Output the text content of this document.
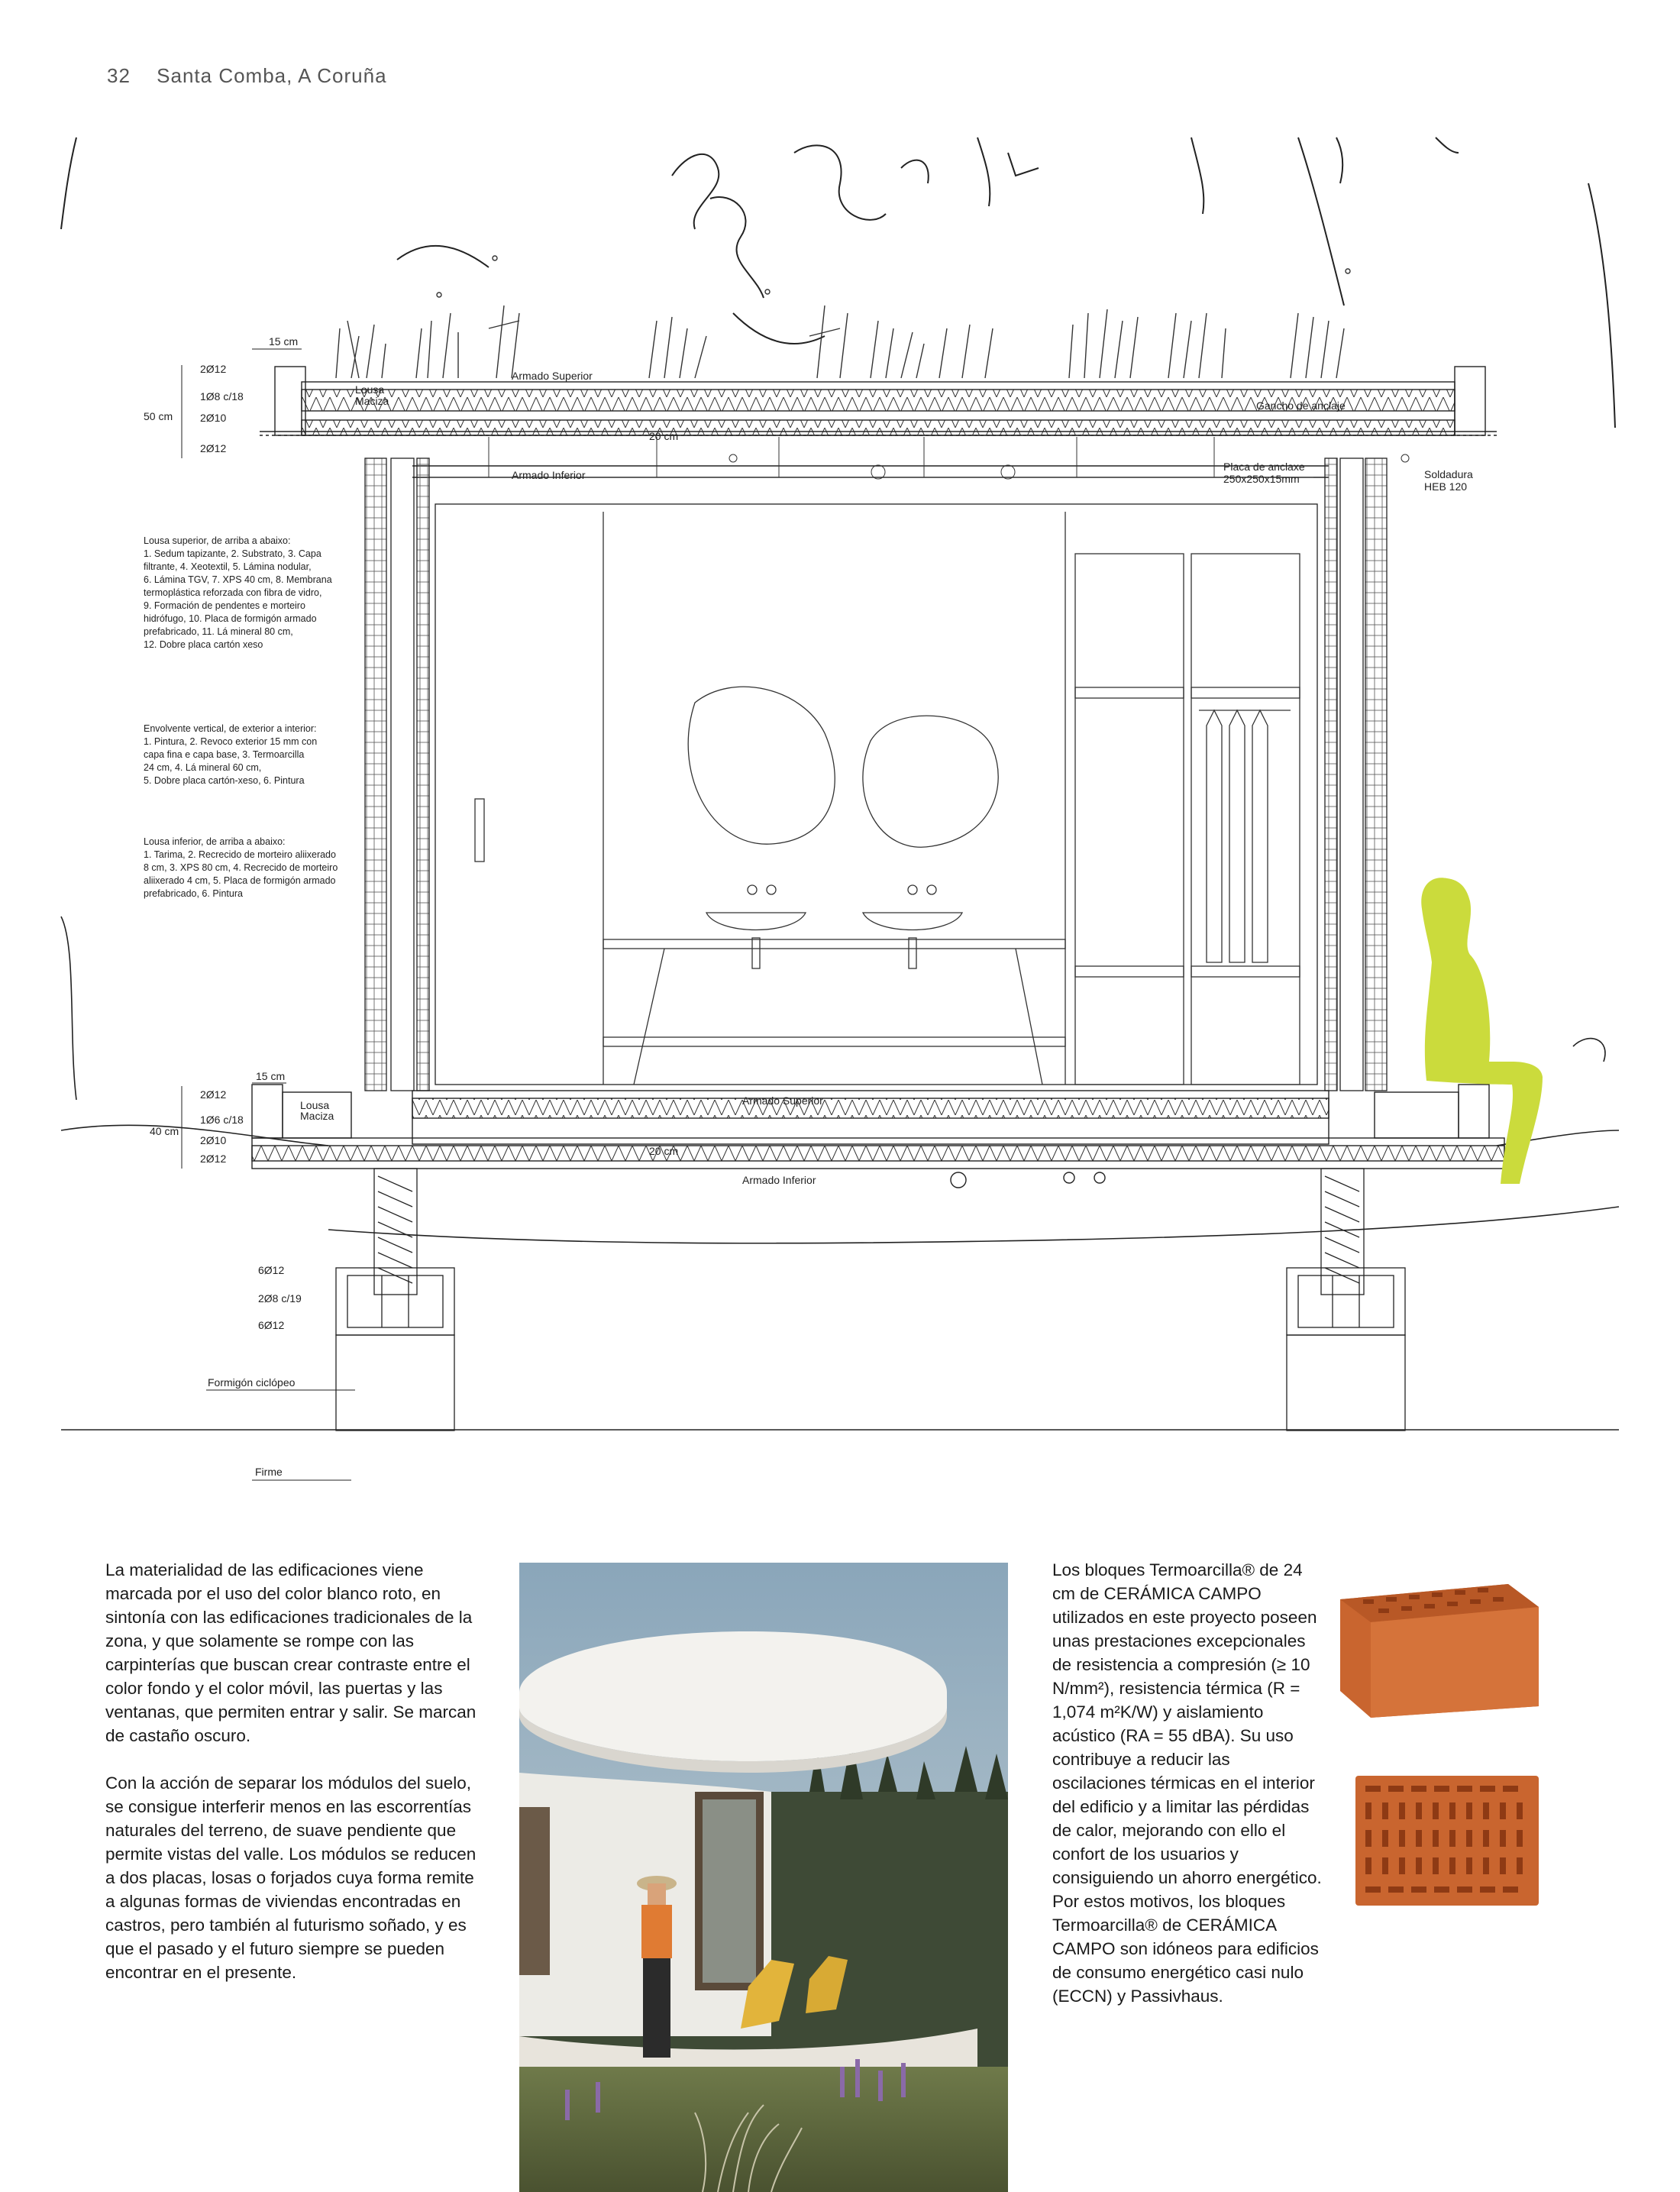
32 Santa Comba, A Coruña
15 cm
50 cm
2Ø12
1Ø8 c/18
2Ø10
2Ø12
Lousa
Maciza
Armado Superior
20 cm
Armado Inferior
Gancho de anclaje
Placa de anclaxe
250x250x15mm	Soldadura
HEB 120
15 cm
40 cm
2Ø12
1Ø6 c/18
2Ø10
2Ø12
Lousa
Maciza
Armado Superior
20 cm
Armado Inferior
6Ø12
2Ø8 c/19
6Ø12
Formigón ciclópeo
Firme
Lousa superior, de arriba a abaixo:
1. Sedum tapizante, 2. Substrato, 3. Capa
filtrante, 4. Xeotextil, 5. Lámina nodular,
6. Lámina TGV, 7. XPS 40 cm, 8. Membrana
termoplástica reforzada con fibra de vidro,
9. Formación de pendentes e morteiro
hidrófugo, 10. Placa de formigón armado
prefabricado, 11. Lá mineral 80 cm,
12. Dobre placa cartón xeso
Envolvente vertical, de exterior a interior:
1. Pintura, 2. Revoco exterior 15 mm con
capa fina e capa base, 3. Termoarcilla
24 cm, 4. Lá mineral 60 cm,
5. Dobre placa cartón-xeso, 6. Pintura
Lousa inferior, de arriba a abaixo:
1. Tarima, 2. Recrecido de morteiro aliixerado
8 cm, 3. XPS 80 cm, 4. Recrecido de morteiro
aliixerado 4 cm, 5. Placa de formigón armado
prefabricado, 6. Pintura

La materialidad de las edificaciones viene marcada por el uso del color blanco roto, en sintonía con las edificaciones tradicionales de la zona, y que solamente se rompe con las carpinterías que buscan crear contraste entre el color fondo y el color móvil, las puertas y las ventanas, que permiten entrar y salir. Se marcan de castaño oscuro.

Con la acción de separar los módulos del suelo, se consigue interferir menos en las escorrentías naturales del terreno, de suave pendiente que permite vistas del valle. Los módulos se reducen a dos placas, losas o forjados cuya forma remite a algunas formas de viviendas encontradas en castros, pero también al futurismo soñado, y es que el pasado y el futuro siempre se pueden encontrar en el presente.

Los bloques Termoarcilla® de 24 cm de CERÁMICA CAMPO utilizados en este proyecto poseen unas prestaciones excepcionales de resistencia a compresión (≥ 10 N/mm²), resistencia térmica (R = 1,074 m²K/W) y aislamiento acústico (RA = 55 dBA). Su uso contribuye a reducir las oscilaciones térmicas en el interior del edificio y a limitar las pérdidas de calor, mejorando con ello el confort de los usuarios y consiguiendo un ahorro energético. Por estos motivos, los bloques Termoarcilla® de CERÁMICA CAMPO son idóneos para edificios de consumo energético casi nulo (ECCN) y Passivhaus.
